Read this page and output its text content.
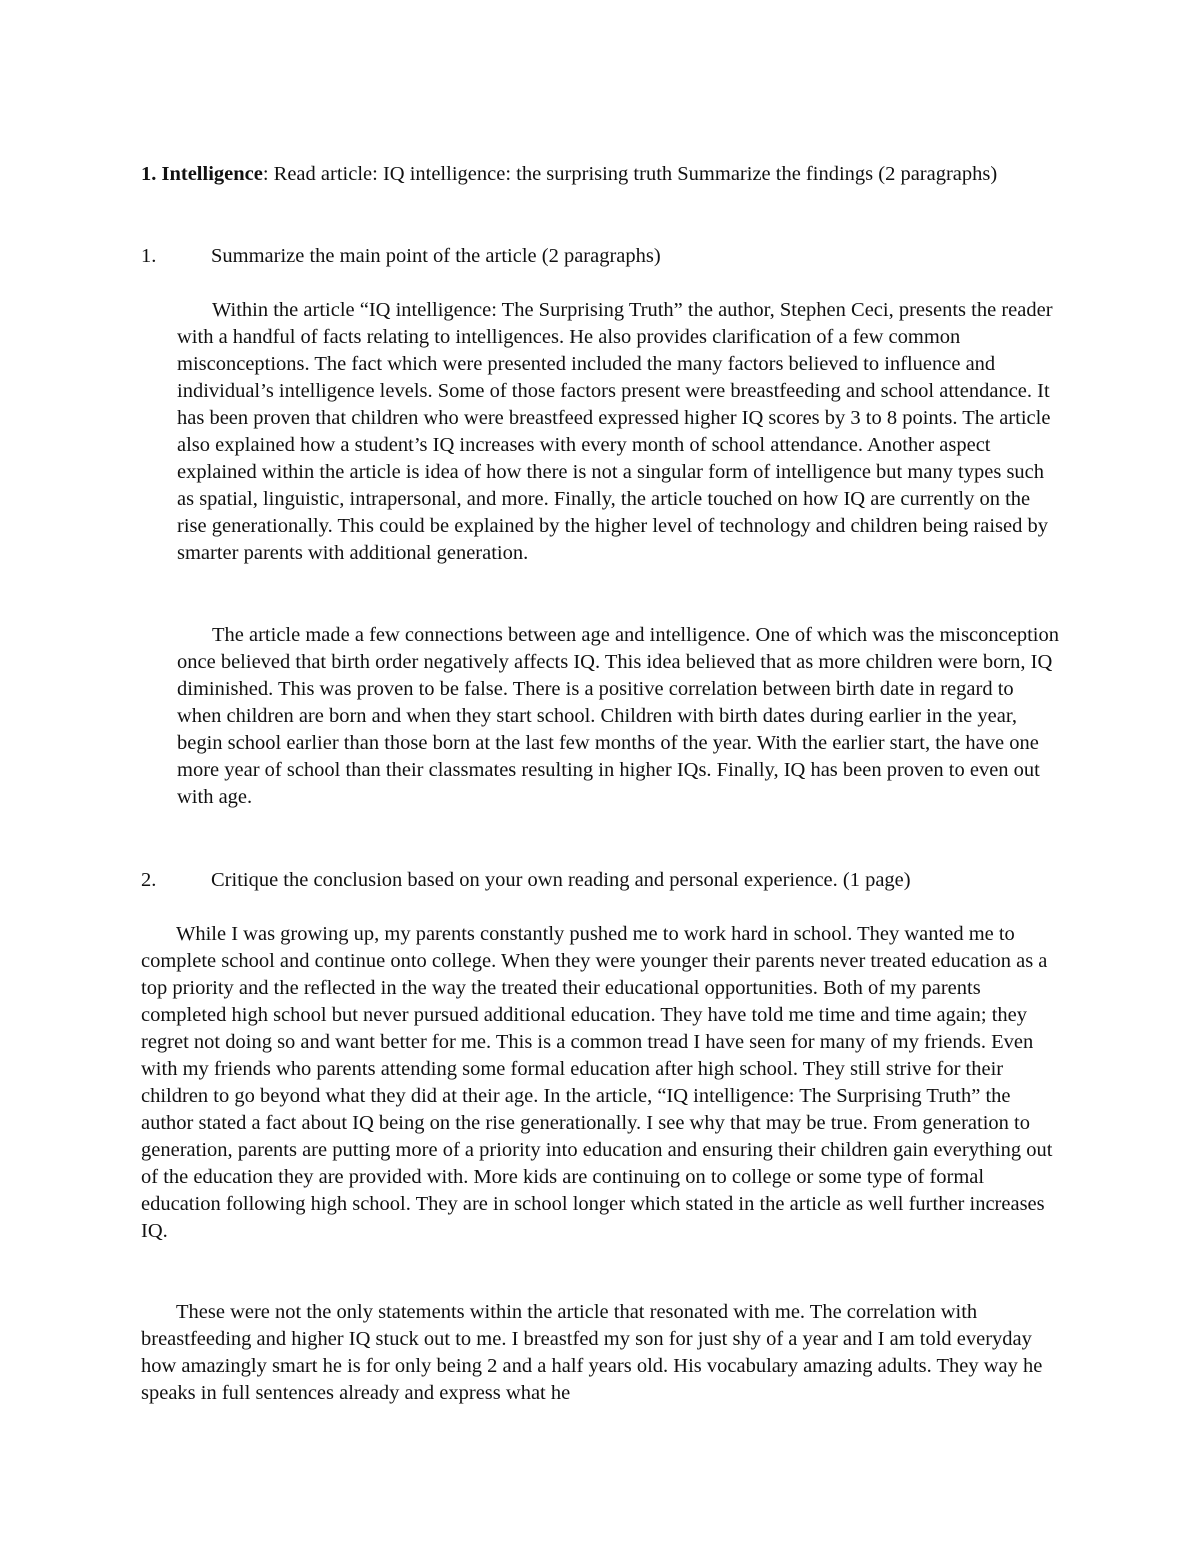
1. Intelligence: Read article: IQ intelligence: the surprising truth Summarize the findings (2 paragraphs)

1.	Summarize the main point of the article (2 paragraphs)

Within the article “IQ intelligence: The Surprising Truth” the author, Stephen Ceci, presents the reader with a handful of facts relating to intelligences. He also provides clarification of a few common misconceptions. The fact which were presented included the many factors believed to influence and individual’s intelligence levels. Some of those factors present were breastfeeding and school attendance. It has been proven that children who were breastfeed expressed higher IQ scores by 3 to 8 points. The article also explained how a student’s IQ increases with every month of school attendance. Another aspect explained within the article is idea of how there is not a singular form of intelligence but many types such as spatial, linguistic, intrapersonal, and more. Finally, the article touched on how IQ are currently on the rise generationally. This could be explained by the higher level of technology and children being raised by smarter parents with additional generation.

The article made a few connections between age and intelligence. One of which was the misconception once believed that birth order negatively affects IQ. This idea believed that as more children were born, IQ diminished. This was proven to be false. There is a positive correlation between birth date in regard to when children are born and when they start school. Children with birth dates during earlier in the year, begin school earlier than those born at the last few months of the year. With the earlier start, the have one more year of school than their classmates resulting in higher IQs. Finally, IQ has been proven to even out with age.

2.	Critique the conclusion based on your own reading and personal experience. (1 page)

While I was growing up, my parents constantly pushed me to work hard in school. They wanted me to complete school and continue onto college. When they were younger their parents never treated education as a top priority and the reflected in the way the treated their educational opportunities. Both of my parents completed high school but never pursued additional education. They have told me time and time again; they regret not doing so and want better for me. This is a common tread I have seen for many of my friends. Even with my friends who parents attending some formal education after high school. They still strive for their children to go beyond what they did at their age. In the article, “IQ intelligence: The Surprising Truth” the author stated a fact about IQ being on the rise generationally. I see why that may be true. From generation to generation, parents are putting more of a priority into education and ensuring their children gain everything out of the education they are provided with. More kids are continuing on to college or some type of formal education following high school. They are in school longer which stated in the article as well further increases IQ.

These were not the only statements within the article that resonated with me. The correlation with breastfeeding and higher IQ stuck out to me. I breastfed my son for just shy of a year and I am told everyday how amazingly smart he is for only being 2 and a half years old. His vocabulary amazing adults. They way he speaks in full sentences already and express what he
